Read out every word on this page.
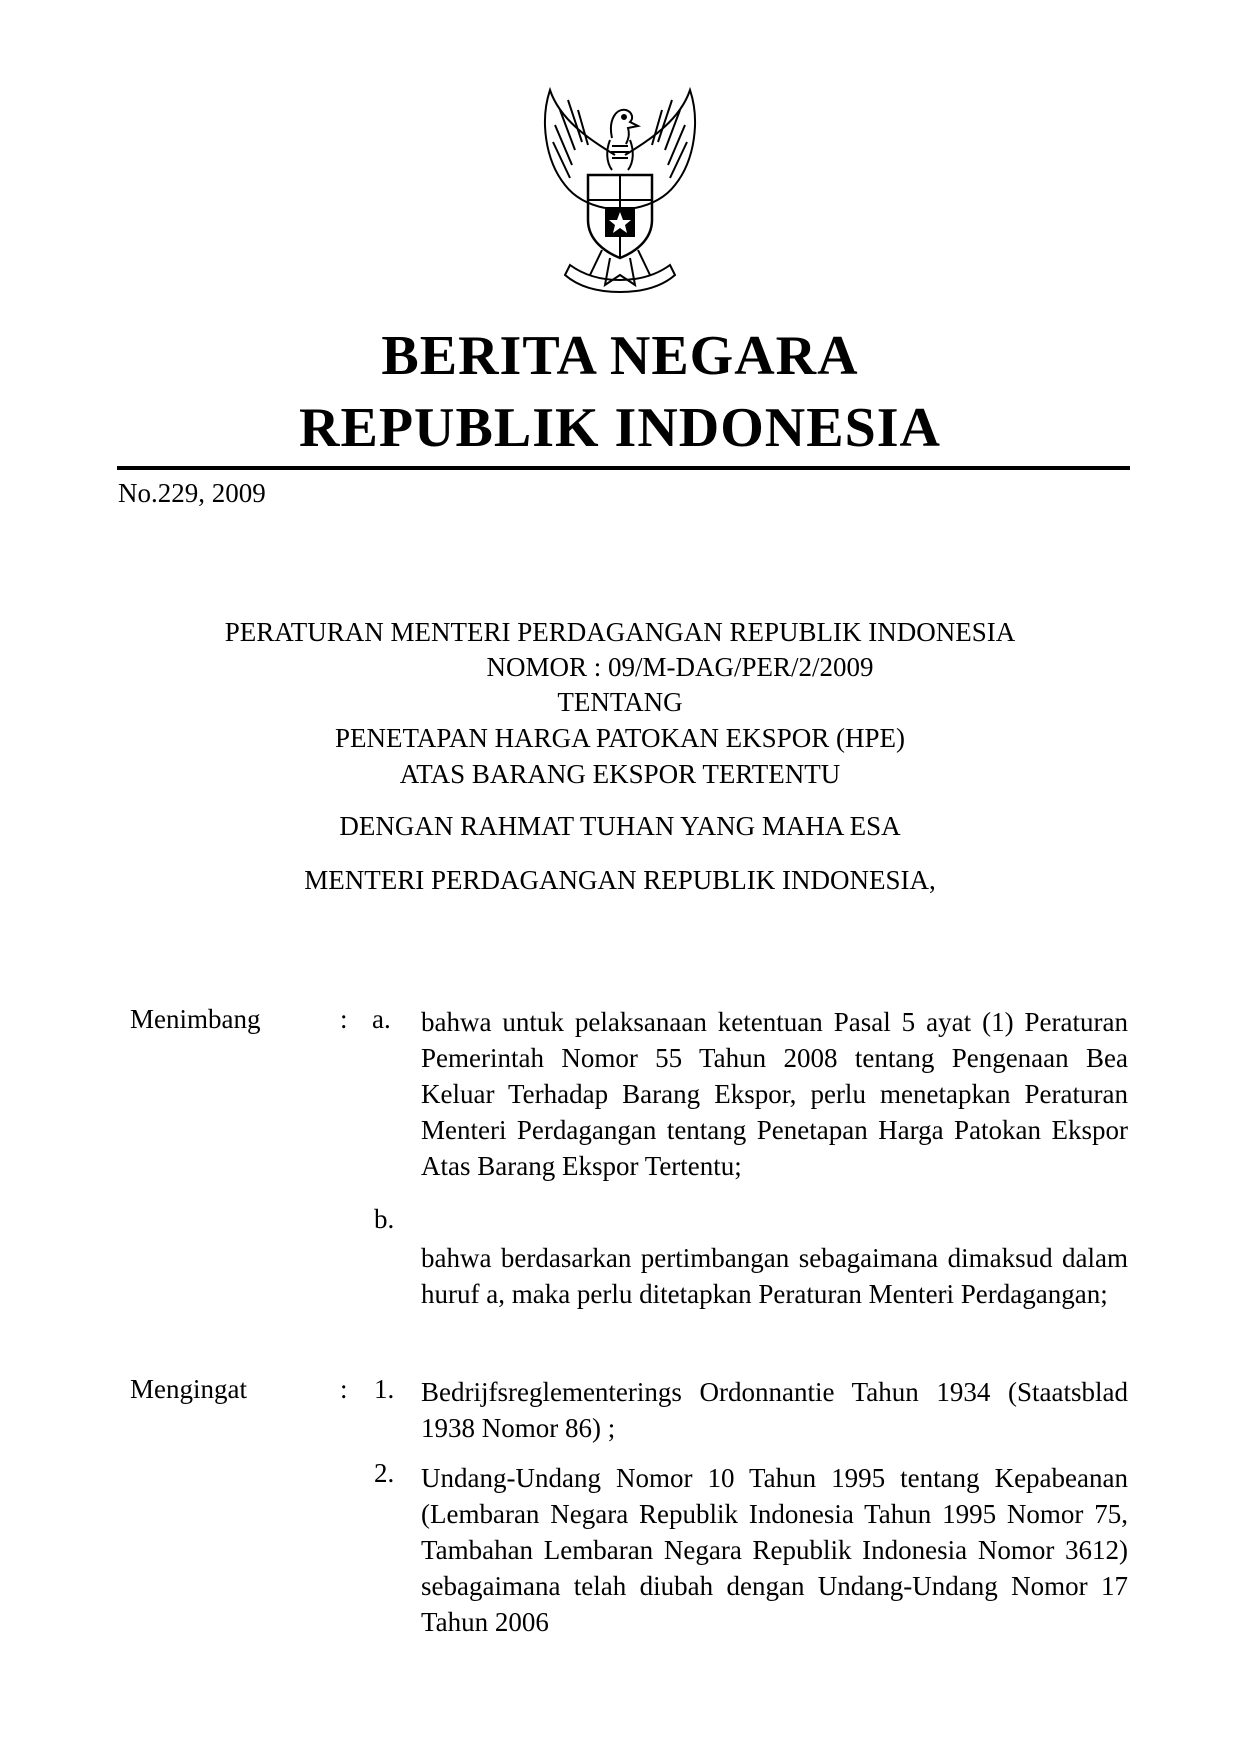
BERITA NEGARA
REPUBLIK INDONESIA
No.229, 2009
PERATURAN MENTERI PERDAGANGAN REPUBLIK INDONESIA
NOMOR : 09/M-DAG/PER/2/2009
TENTANG
PENETAPAN HARGA PATOKAN EKSPOR (HPE)
ATAS BARANG EKSPOR TERTENTU
DENGAN RAHMAT TUHAN YANG MAHA ESA
MENTERI PERDAGANGAN REPUBLIK INDONESIA,
Menimbang	: a. bahwa untuk pelaksanaan ketentuan Pasal 5 ayat (1) Peraturan Pemerintah Nomor 55 Tahun 2008 tentang Pengenaan Bea Keluar Terhadap Barang Ekspor, perlu menetapkan Peraturan Menteri Perdagangan tentang Penetapan Harga Patokan Ekspor Atas Barang Ekspor Tertentu;
b.
bahwa berdasarkan pertimbangan sebagaimana dimaksud dalam huruf a, maka perlu ditetapkan Peraturan Menteri Perdagangan;
Mengingat	: 1. Bedrijfsreglementerings Ordonnantie Tahun 1934 (Staatsblad 1938 Nomor 86) ;
2. Undang-Undang Nomor 10 Tahun 1995 tentang Kepabeanan (Lembaran Negara Republik Indonesia Tahun 1995 Nomor 75, Tambahan Lembaran Negara Republik Indonesia Nomor 3612) sebagaimana telah diubah dengan Undang-Undang Nomor 17 Tahun 2006
